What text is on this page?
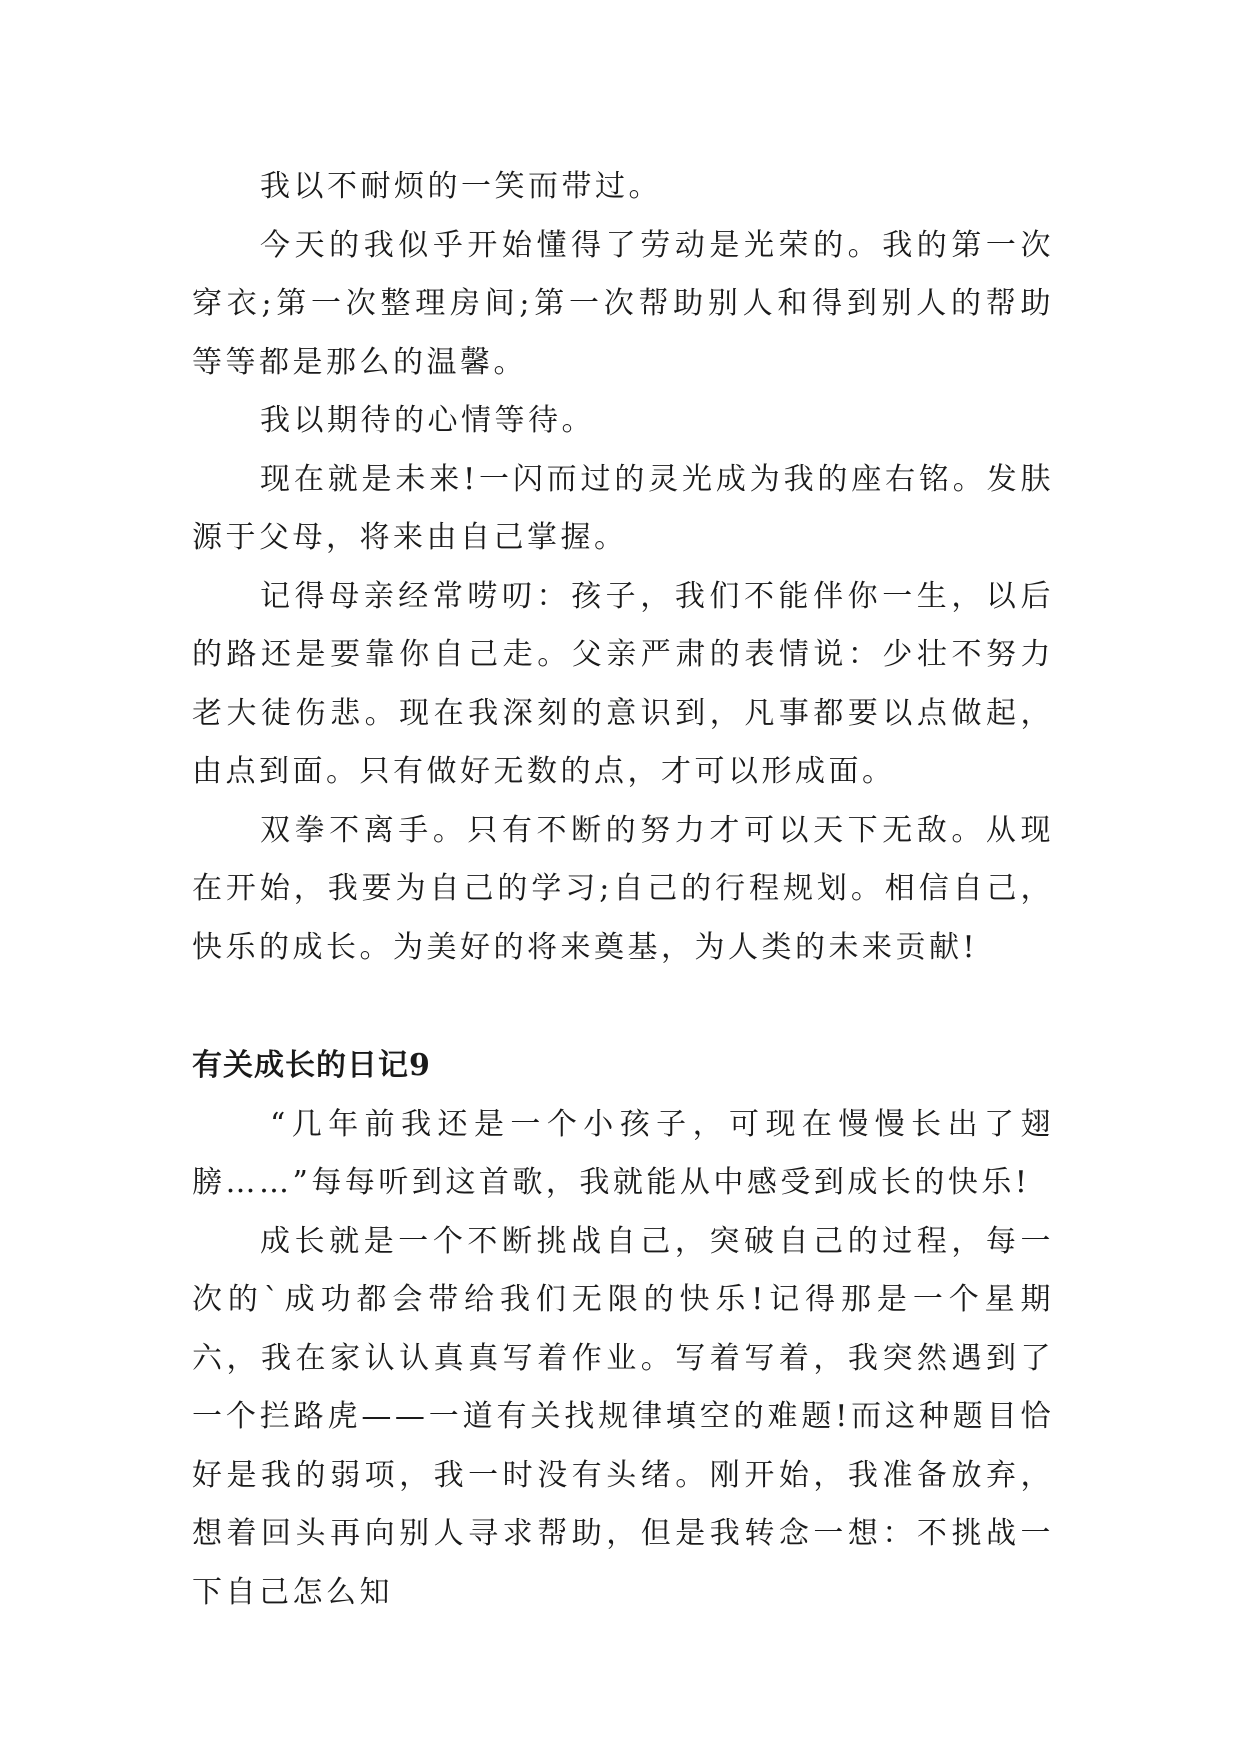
我以不耐烦的一笑而带过。

今天的我似乎开始懂得了劳动是光荣的。我的第一次穿衣;第一次整理房间;第一次帮助别人和得到别人的帮助等等都是那么的温馨。

我以期待的心情等待。

现在就是未来!一闪而过的灵光成为我的座右铭。发肤源于父母，将来由自己掌握。

记得母亲经常唠叨：孩子，我们不能伴你一生，以后的路还是要靠你自己走。父亲严肃的表情说：少壮不努力老大徒伤悲。现在我深刻的意识到，凡事都要以点做起，由点到面。只有做好无数的点，才可以形成面。

双拳不离手。只有不断的努力才可以天下无敌。从现在开始，我要为自己的学习;自己的行程规划。相信自己，快乐的成长。为美好的将来奠基，为人类的未来贡献!

有关成长的日记9

“几年前我还是一个小孩子，可现在慢慢长出了翅膀……”每每听到这首歌，我就能从中感受到成长的快乐!

成长就是一个不断挑战自己，突破自己的过程，每一次的`成功都会带给我们无限的快乐!记得那是一个星期六，我在家认认真真写着作业。写着写着，我突然遇到了一个拦路虎——一道有关找规律填空的难题!而这种题目恰好是我的弱项，我一时没有头绪。刚开始，我准备放弃，想着回头再向别人寻求帮助，但是我转念一想：不挑战一下自己怎么知
